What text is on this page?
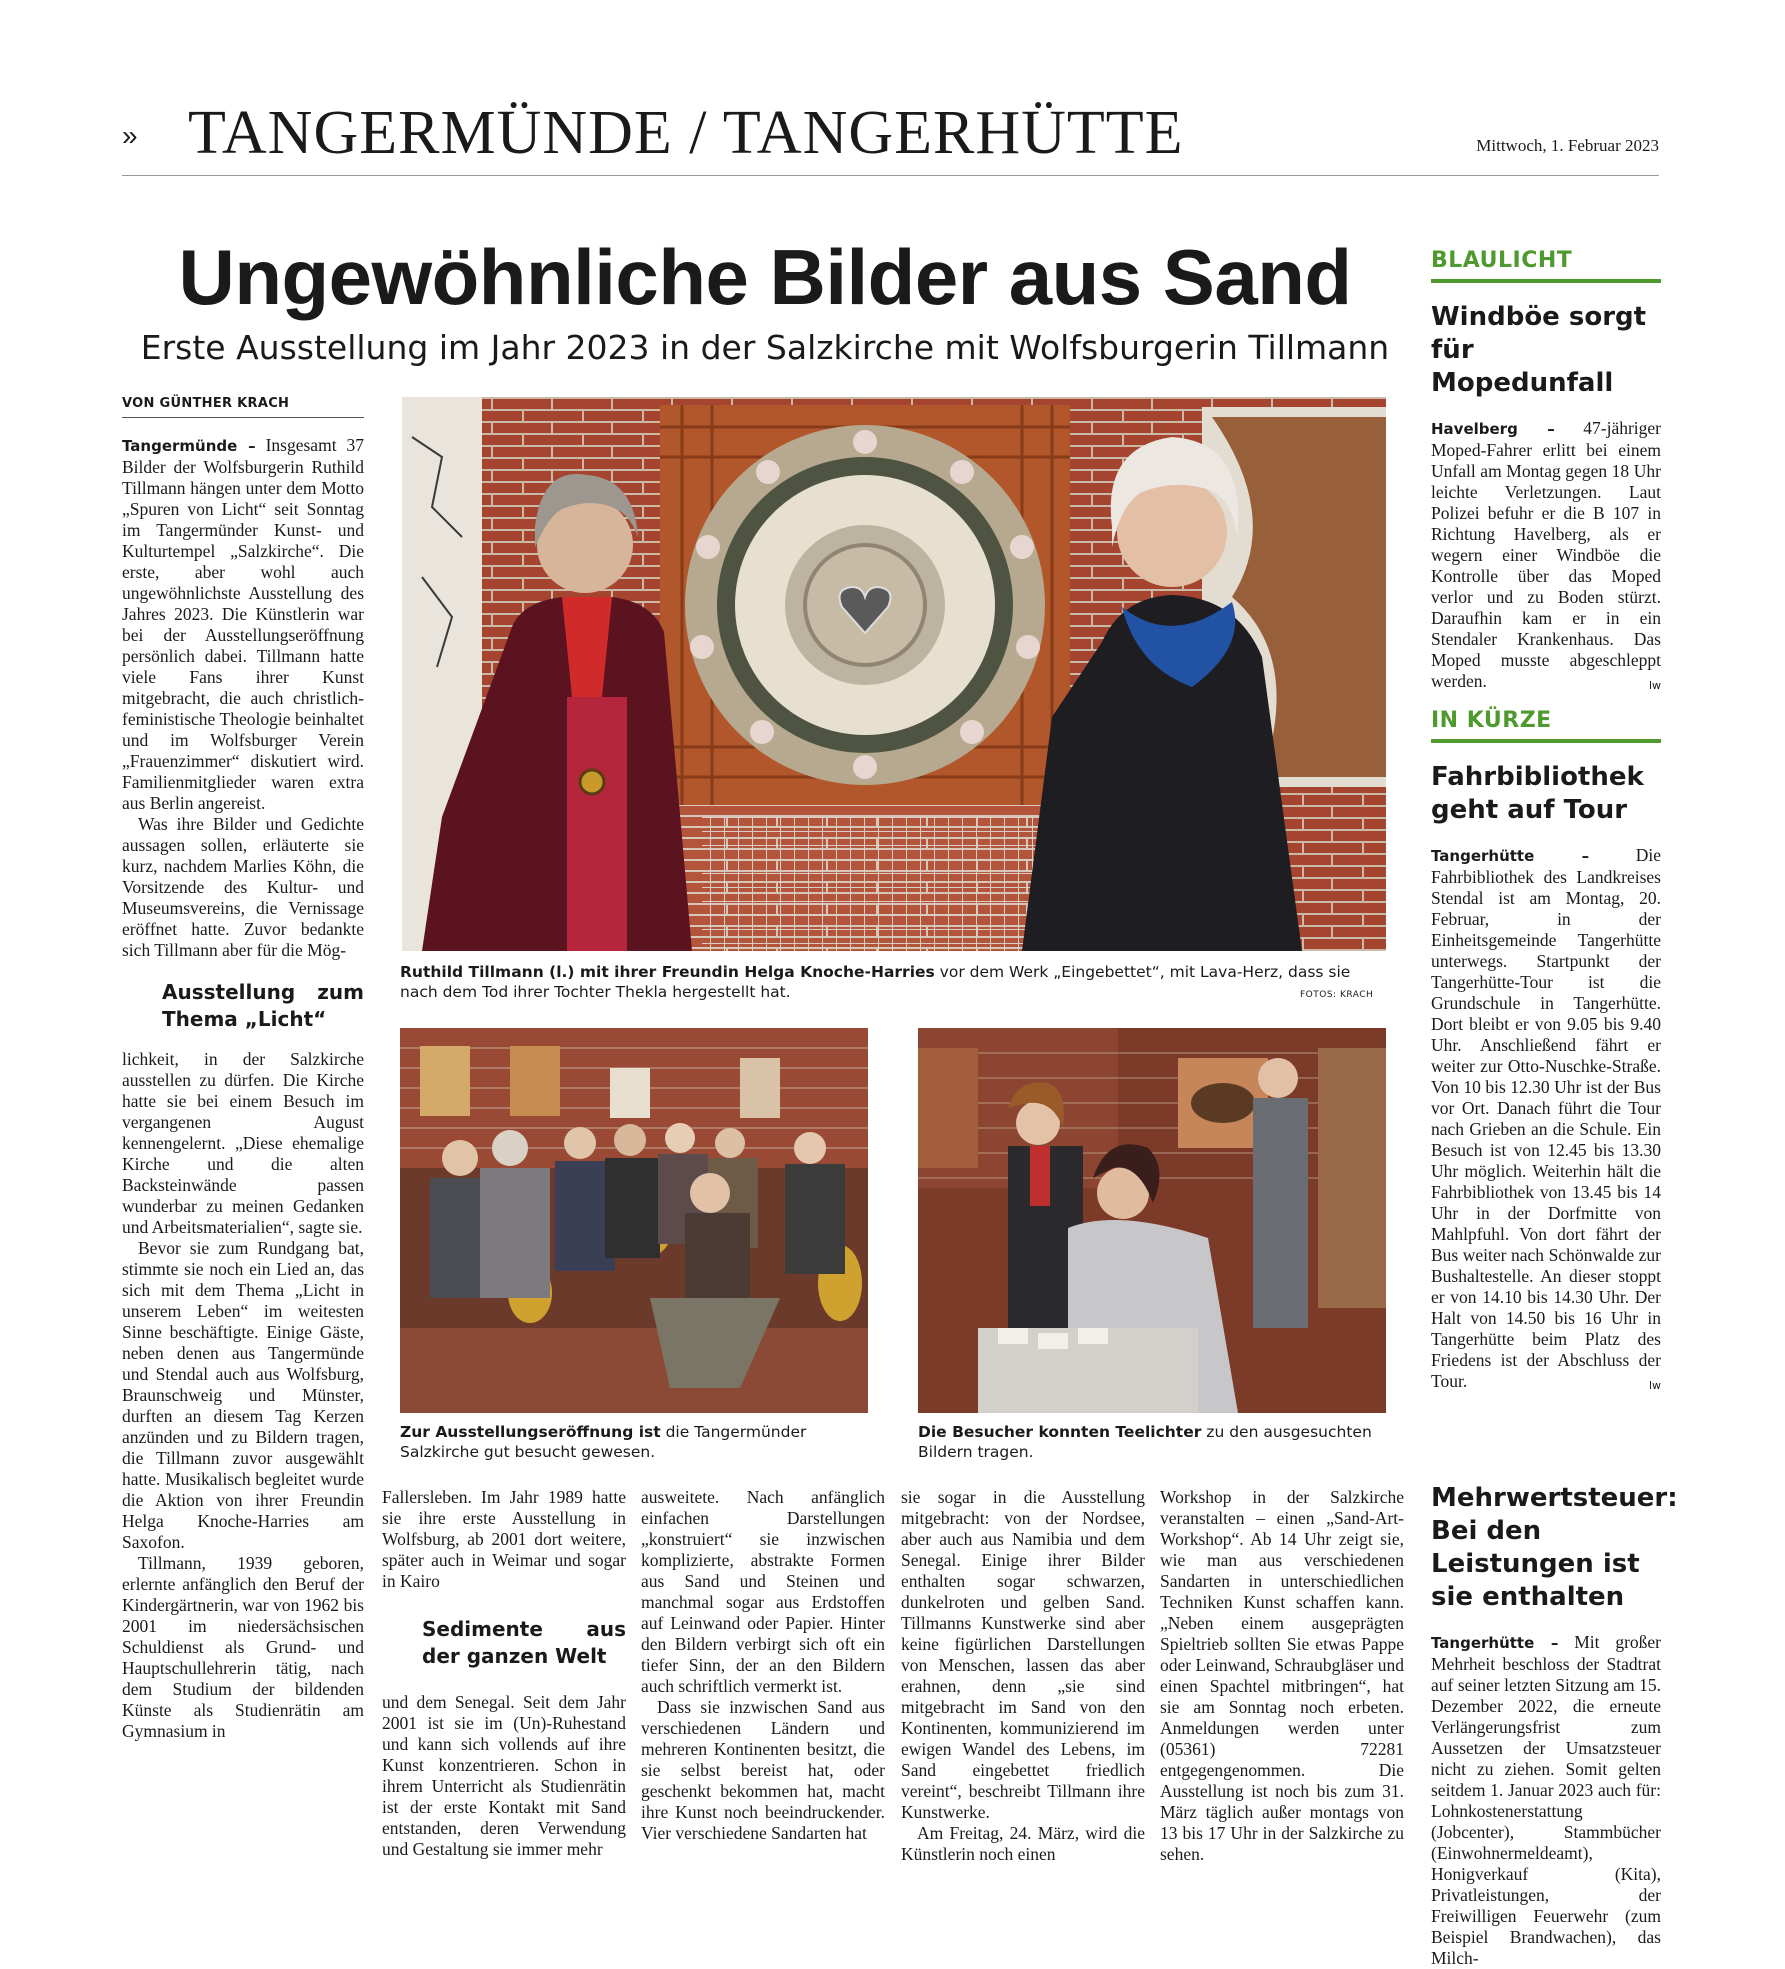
» TANGERMÜNDE / TANGERHÜTTE	Mittwoch, 1. Februar 2023
Ungewöhnliche Bilder aus Sand
Erste Ausstellung im Jahr 2023 in der Salzkirche mit Wolfsburgerin Tillmann
VON GÜNTHER KRACH

Tangermünde – Insgesamt 37 Bilder der Wolfsburgerin Ruthild Tillmann hängen unter dem Motto „Spuren von Licht“ seit Sonntag im Tangermünder Kunst- und Kulturtempel „Salzkirche“. Die erste, aber wohl auch ungewöhnlichste Ausstellung des Jahres 2023. Die Künstlerin war bei der Ausstellungseröffnung persönlich dabei. Tillmann hatte viele Fans ihrer Kunst mitgebracht, die auch christlich-feministische Theologie beinhaltet und im Wolfsburger Verein „Frauenzimmer“ diskutiert wird. Familienmitglieder waren extra aus Berlin angereist.

Was ihre Bilder und Gedichte aussagen sollen, erläuterte sie kurz, nachdem Marlies Köhn, die Vorsitzende des Kultur- und Museumsvereins, die Vernissage eröffnet hatte. Zuvor bedankte sich Tillmann aber für die Mög-

Ausstellung zum Thema „Licht“

lichkeit, in der Salzkirche ausstellen zu dürfen. Die Kirche hatte sie bei einem Besuch im vergangenen August kennengelernt. „Diese ehemalige Kirche und die alten Backsteinwände passen wunderbar zu meinen Gedanken und Arbeitsmaterialien“, sagte sie.

Bevor sie zum Rundgang bat, stimmte sie noch ein Lied an, das sich mit dem Thema „Licht in unserem Leben“ im weitesten Sinne beschäftigte. Einige Gäste, neben denen aus Tangermünde und Stendal auch aus Wolfsburg, Braunschweig und Münster, durften an diesem Tag Kerzen anzünden und zu Bildern tragen, die Tillmann zuvor ausgewählt hatte. Musikalisch begleitet wurde die Aktion von ihrer Freundin Helga Knoche-Harries am Saxofon.

Tillmann, 1939 geboren, erlernte anfänglich den Beruf der Kindergärtnerin, war von 1962 bis 2001 im niedersächsischen Schuldienst als Grund- und Hauptschullehrerin tätig, nach dem Studium der bildenden Künste als Studienrätin am Gymnasium in

Ruthild Tillmann (l.) mit ihrer Freundin Helga Knoche-Harries vor dem Werk „Eingebettet“, mit Lava-Herz, dass sie nach dem Tod ihrer Tochter Thekla hergestellt hat.	FOTOS: KRACH
Zur Ausstellungseröffnung ist die Tangermünder Salzkirche gut besucht gewesen.
Die Besucher konnten Teelichter zu den ausgesuchten Bildern tragen.

Fallersleben. Im Jahr 1989 hatte sie ihre erste Ausstellung in Wolfsburg, ab 2001 dort weitere, später auch in Weimar und sogar in Kairo

Sedimente aus der ganzen Welt

und dem Senegal. Seit dem Jahr 2001 ist sie im (Un)-Ruhestand und kann sich vollends auf ihre Kunst konzentrieren. Schon in ihrem Unterricht als Studienrätin ist der erste Kontakt mit Sand entstanden, deren Verwendung und Gestaltung sie immer mehr

ausweitete. Nach anfänglich einfachen Darstellungen „konstruiert“ sie inzwischen komplizierte, abstrakte Formen aus Sand und Steinen und manchmal sogar aus Erdstoffen auf Leinwand oder Papier. Hinter den Bildern verbirgt sich oft ein tiefer Sinn, der an den Bildern auch schriftlich vermerkt ist.

Dass sie inzwischen Sand aus verschiedenen Ländern und mehreren Kontinenten besitzt, die sie selbst bereist hat, oder geschenkt bekommen hat, macht ihre Kunst noch beeindruckender. Vier verschiedene Sandarten hat

sie sogar in die Ausstellung mitgebracht: von der Nordsee, aber auch aus Namibia und dem Senegal. Einige ihrer Bilder enthalten sogar schwarzen, dunkelroten und gelben Sand. Tillmanns Kunstwerke sind aber keine figürlichen Darstellungen von Menschen, lassen das aber erahnen, denn „sie sind mitgebracht im Sand von den Kontinenten, kommunizierend im ewigen Wandel des Lebens, im Sand eingebettet friedlich vereint“, beschreibt Tillmann ihre Kunstwerke.

Am Freitag, 24. März, wird die Künstlerin noch einen

Workshop in der Salzkirche veranstalten – einen „Sand-Art-Workshop“. Ab 14 Uhr zeigt sie, wie man aus verschiedenen Sandarten in unterschiedlichen Techniken Kunst schaffen kann. „Neben einem ausgeprägten Spieltrieb sollten Sie etwas Pappe oder Leinwand, Schraubgläser und einen Spachtel mitbringen“, hat sie am Sonntag noch erbeten. Anmeldungen werden unter (05361) 72281 entgegengenommen. Die Ausstellung ist noch bis zum 31. März täglich außer montags von 13 bis 17 Uhr in der Salzkirche zu sehen.

BLAULICHT
Windböe sorgt für Mopedunfall
Havelberg – 47-jähriger Moped-Fahrer erlitt bei einem Unfall am Montag gegen 18 Uhr leichte Verletzungen. Laut Polizei befuhr er die B 107 in Richtung Havelberg, als er wegern einer Windböe die Kontrolle über das Moped verlor und zu Boden stürzt. Daraufhin kam er in ein Stendaler Krankenhaus. Das Moped musste abgeschleppt werden.	lw
IN KÜRZE
Fahrbibliothek geht auf Tour
Tangerhütte –	Die Fahrbibliothek des Landkreises Stendal ist am Montag, 20. Februar, in der Einheitsgemeinde Tangerhütte unterwegs. Startpunkt der Tangerhütte-Tour ist die Grundschule in Tangerhütte. Dort bleibt er von 9.05 bis 9.40 Uhr. Anschließend fährt er weiter zur Otto-Nuschke-Straße. Von 10 bis 12.30 Uhr ist der Bus vor Ort. Danach führt die Tour nach Grieben an die Schule. Ein Besuch ist von 12.45 bis 13.30 Uhr möglich. Weiterhin hält die Fahrbibliothek von 13.45 bis 14 Uhr in der Dorfmitte von Mahlpfuhl. Von dort fährt der Bus weiter nach Schönwalde zur Bushaltestelle. An dieser stoppt er von 14.10 bis 14.30 Uhr. Der Halt von 14.50 bis 16 Uhr in Tangerhütte beim Platz des Friedens ist der Abschluss der Tour.	lw
Mehrwertsteuer: Bei den Leistungen ist sie enthalten
Tangerhütte – Mit großer Mehrheit beschloss der Stadtrat auf seiner letzten Sitzung am 15. Dezember 2022, die erneute Verlängerungsfrist zum Aussetzen der Umsatzsteuer nicht zu ziehen. Somit gelten seitdem 1. Januar 2023 auch für: Lohnkostenerstattung (Jobcenter), Stammbücher (Einwohnermeldeamt), Honigverkauf (Kita), Privatleistungen, der Freiwilligen Feuerwehr (zum Beispiel Brandwachen), das Milch-
